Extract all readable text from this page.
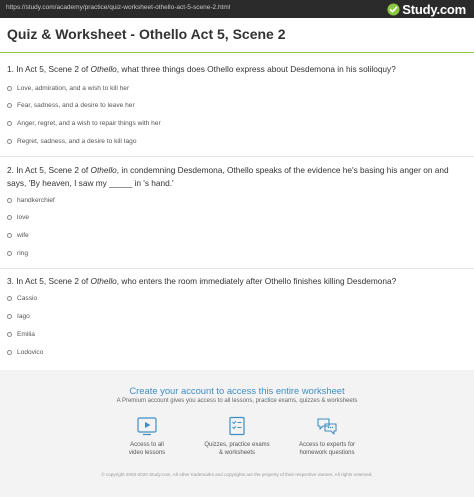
https://study.com/academy/practice/quiz-worksheet-othello-act-5-scene-2.html	Study.com
Quiz & Worksheet - Othello Act 5, Scene 2
1. In Act 5, Scene 2 of Othello, what three things does Othello express about Desdemona in his soliloquy?
Love, admiration, and a wish to kill her
Fear, sadness, and a desire to leave her
Anger, regret, and a wish to repair things with her
Regret, sadness, and a desire to kill Iago
2. In Act 5, Scene 2 of Othello, in condemning Desdemona, Othello speaks of the evidence he's basing his anger on and says, 'By heaven, I saw my _____ in 's hand.'
handkerchief
love
wife
ring
3. In Act 5, Scene 2 of Othello, who enters the room immediately after Othello finishes killing Desdemona?
Cassio
Iago
Emilia
Lodovico
Create your account to access this entire worksheet
A Premium account gives you access to all lessons, practice exams, quizzes & worksheets
Access to all
video lessons
Quizzes, practice exams
& worksheets
Access to experts for
homework questions
© copyright 2003-2020 Study.com. All other trademarks and copyrights are the property of their respective owners. All rights reserved.
